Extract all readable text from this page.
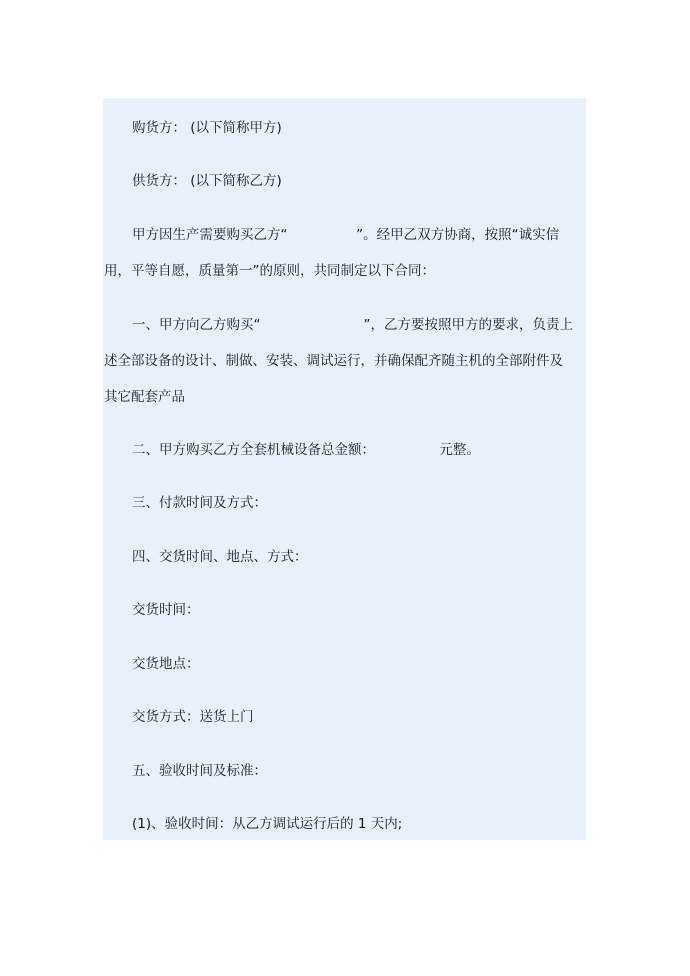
购货方： (以下简称甲方)
供货方： (以下简称乙方)
甲方因生产需要购买乙方“                ”。经甲乙双方协商，按照“诚实信
用，平等自愿，质量第一”的原则，共同制定以下合同：
一、甲方向乙方购买“                        ”，乙方要按照甲方的要求，负责上
述全部设备的设计、制做、安装、调试运行，并确保配齐随主机的全部附件及
其它配套产品
二、甲方购买乙方全套机械设备总金额：               元整。
三、付款时间及方式：
四、交货时间、地点、方式：
交货时间：
交货地点：
交货方式：送货上门
五、验收时间及标准：
(1)、验收时间：从乙方调试运行后的 1 天内;
